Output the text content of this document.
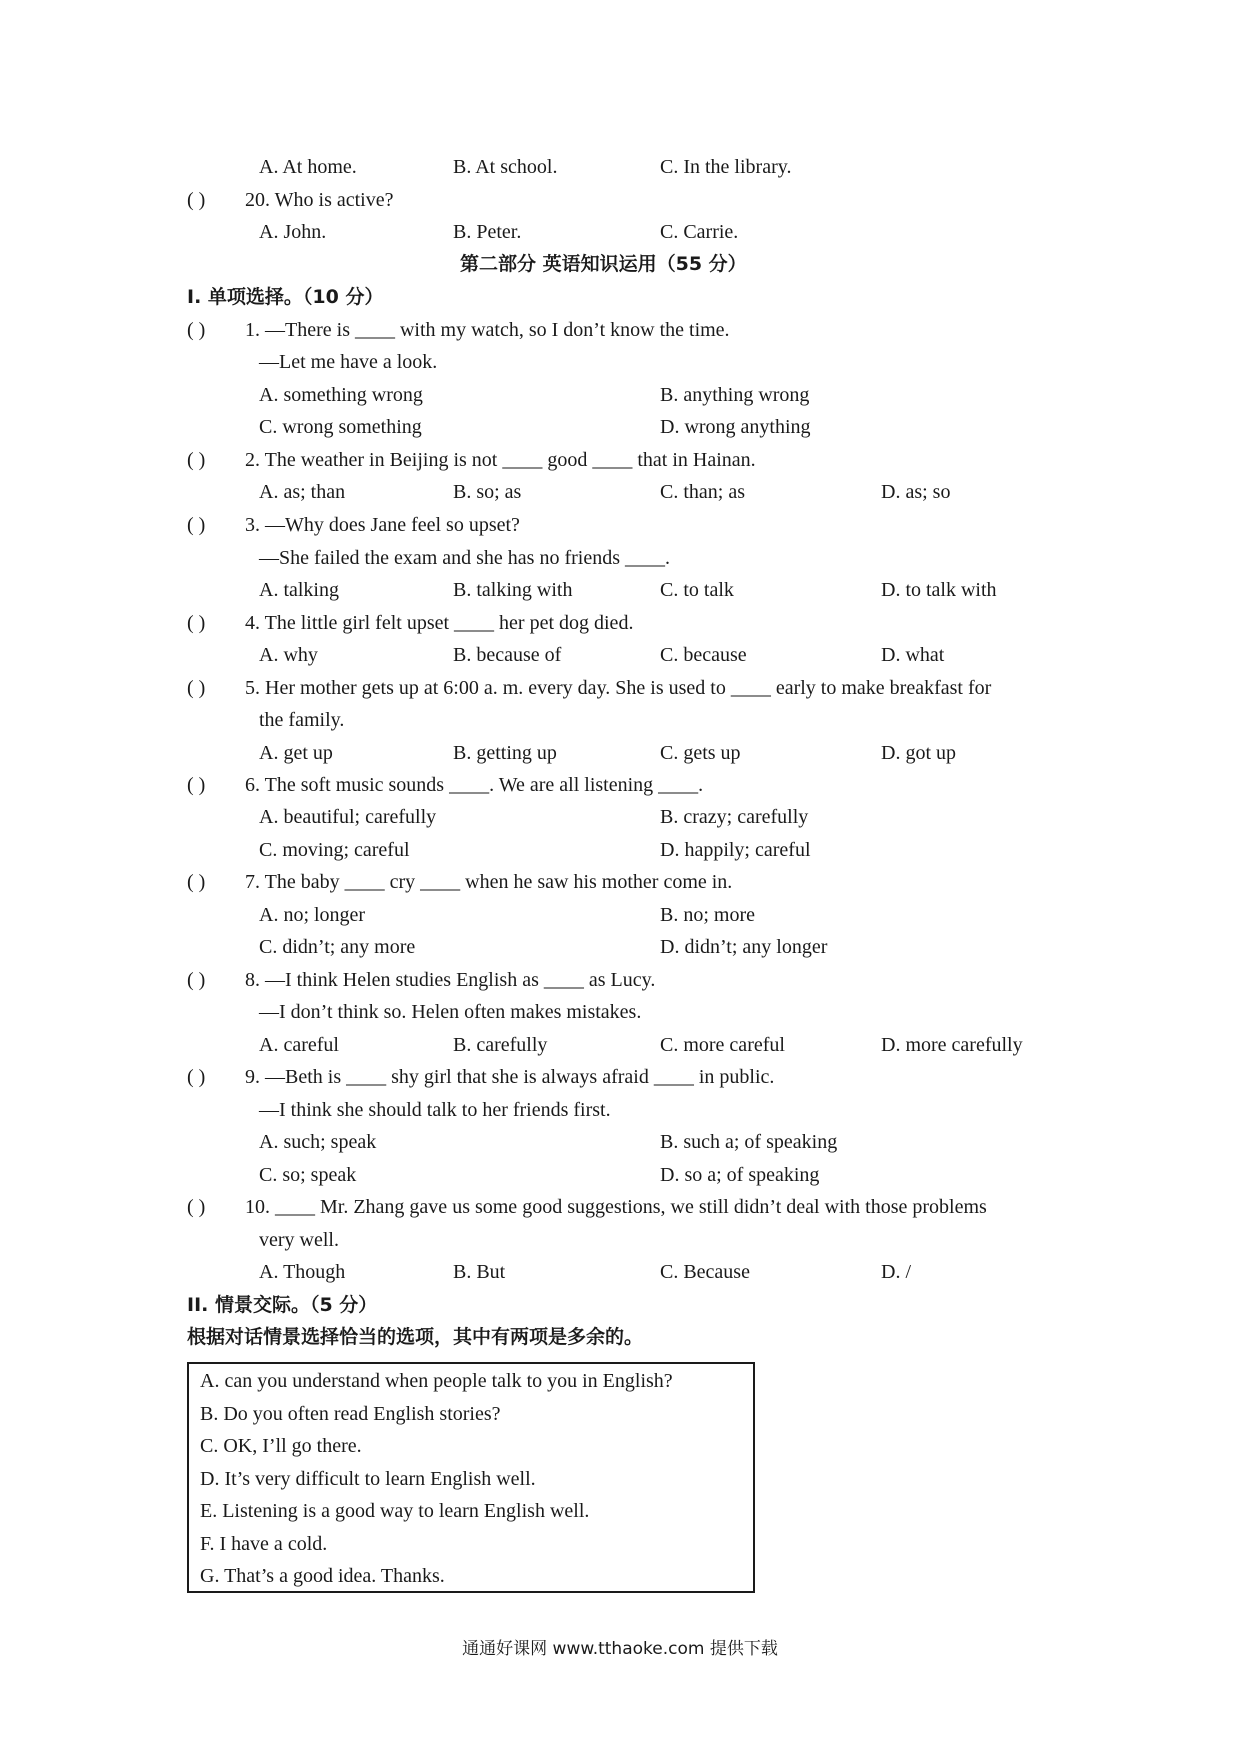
A. At home.	B. At school.	C. In the library.
( ) 20. Who is active?
A. John.	B. Peter.	C. Carrie.
第二部分 英语知识运用（55 分）
I. 单项选择。（10 分）
( ) 1. —There is ____ with my watch, so I don’t know the time.
—Let me have a look.
A. something wrong	B. anything wrong
C. wrong something	D. wrong anything
( ) 2. The weather in Beijing is not ____ good ____ that in Hainan.
A. as; than	B. so; as	C. than; as	D. as; so
( ) 3. —Why does Jane feel so upset?
—She failed the exam and she has no friends ____.
A. talking	B. talking with	C. to talk	D. to talk with
( ) 4. The little girl felt upset ____ her pet dog died.
A. why	B. because of	C. because	D. what
( ) 5. Her mother gets up at 6:00 a. m. every day. She is used to ____ early to make breakfast for
the family.
A. get up	B. getting up	C. gets up	D. got up
( ) 6. The soft music sounds ____. We are all listening ____.
A. beautiful; carefully	B. crazy; carefully
C. moving; careful	D. happily; careful
( ) 7. The baby ____ cry ____ when he saw his mother come in.
A. no; longer	B. no; more
C. didn’t; any more	D. didn’t; any longer
( ) 8. —I think Helen studies English as ____ as Lucy.
—I don’t think so. Helen often makes mistakes.
A. careful	B. carefully	C. more careful	D. more carefully
( ) 9. —Beth is ____ shy girl that she is always afraid ____ in public.
—I think she should talk to her friends first.
A. such; speak	B. such a; of speaking
C. so; speak	D. so a; of speaking
( ) 10. ____ Mr. Zhang gave us some good suggestions, we still didn’t deal with those problems
very well.
A. Though	B. But	C. Because	D. /
II. 情景交际。（5 分）
根据对话情景选择恰当的选项，其中有两项是多余的。
A. can you understand when people talk to you in English?
B. Do you often read English stories?
C. OK, I’ll go there.
D. It’s very difficult to learn English well.
E. Listening is a good way to learn English well.
F. I have a cold.
G. That’s a good idea. Thanks.
通通好课网 www.tthaoke.com 提供下载
